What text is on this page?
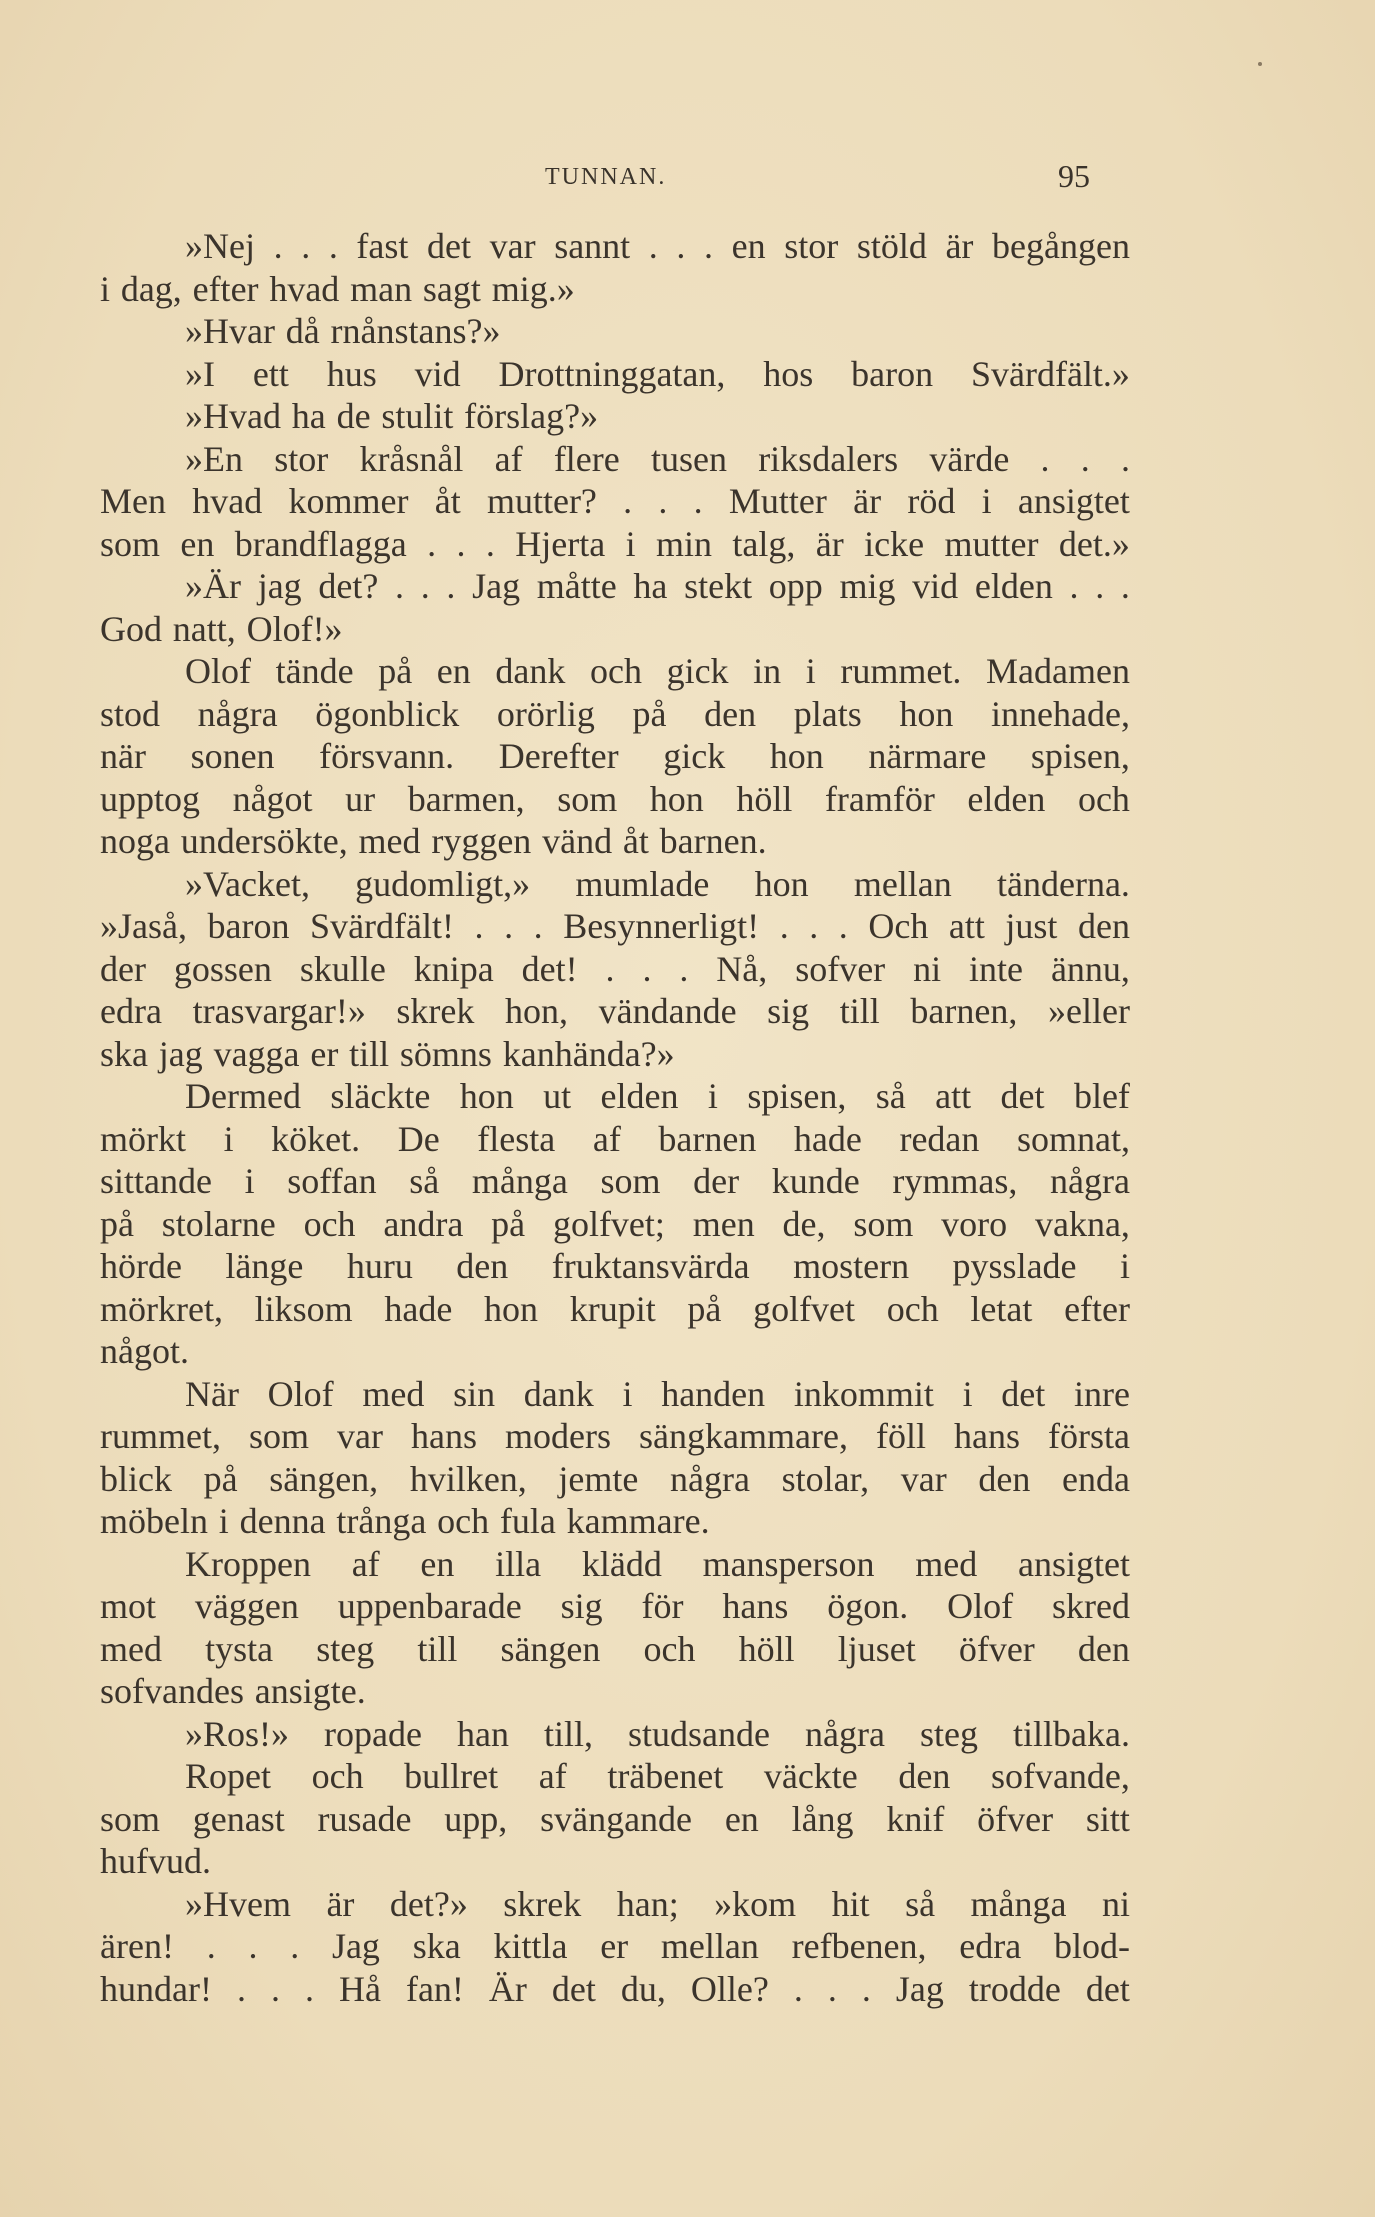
TUNNAN.	95
»Nej . . . fast det var sannt . . . en stor stöld är begången
i dag, efter hvad man sagt mig.»
»Hvar då rnånstans?»
»I ett hus vid Drottninggatan, hos baron Svärdfält.»
»Hvad ha de stulit förslag?»
»En stor kråsnål af flere tusen riksdalers värde . . .
Men hvad kommer åt mutter? . . . Mutter är röd i ansigtet
som en brandflagga . . . Hjerta i min talg, är icke mutter det.»
»Är jag det? . . . Jag måtte ha stekt opp mig vid elden . . .
God natt, Olof!»
Olof tände på en dank och gick in i rummet. Madamen
stod några ögonblick orörlig på den plats hon innehade,
när sonen försvann. Derefter gick hon närmare spisen,
upptog något ur barmen, som hon höll framför elden och
noga undersökte, med ryggen vänd åt barnen.
»Vacket, gudomligt,» mumlade hon mellan tänderna.
»Jaså, baron Svärdfält! . . . Besynnerligt! . . . Och att just den
der gossen skulle knipa det! . . . Nå, sofver ni inte ännu,
edra trasvargar!» skrek hon, vändande sig till barnen, »eller
ska jag vagga er till sömns kanhända?»
Dermed släckte hon ut elden i spisen, så att det blef
mörkt i köket. De flesta af barnen hade redan somnat,
sittande i soffan så många som der kunde rymmas, några
på stolarne och andra på golfvet; men de, som voro vakna,
hörde länge huru den fruktansvärda mostern pysslade i
mörkret, liksom hade hon krupit på golfvet och letat efter
något.
När Olof med sin dank i handen inkommit i det inre
rummet, som var hans moders sängkammare, föll hans första
blick på sängen, hvilken, jemte några stolar, var den enda
möbeln i denna trånga och fula kammare.
Kroppen af en illa klädd mansperson med ansigtet
mot väggen uppenbarade sig för hans ögon. Olof skred
med tysta steg till sängen och höll ljuset öfver den
sofvandes ansigte.
»Ros!» ropade han till, studsande några steg tillbaka.
Ropet och bullret af träbenet väckte den sofvande,
som genast rusade upp, svängande en lång knif öfver sitt
hufvud.
»Hvem är det?» skrek han; »kom hit så många ni
ären! . . . Jag ska kittla er mellan refbenen, edra blod-
hundar! . . . Hå fan! Är det du, Olle? . . . Jag trodde det
